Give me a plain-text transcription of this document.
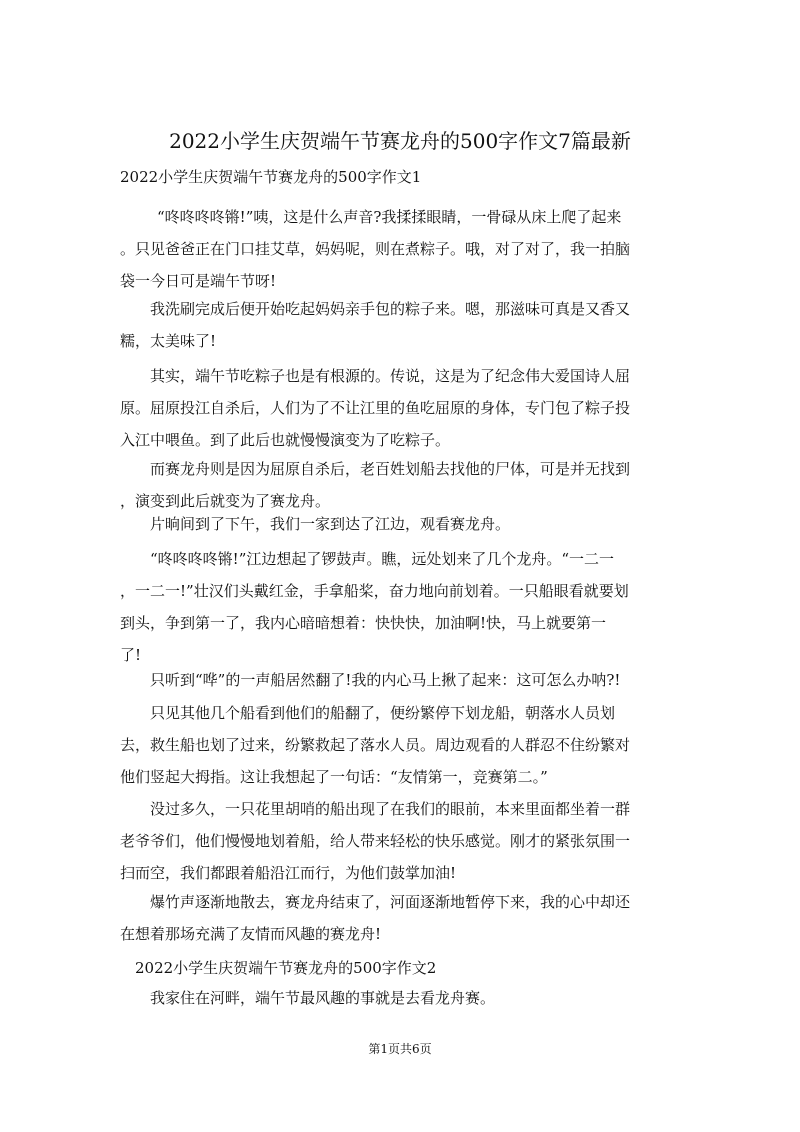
2022小学生庆贺端午节赛龙舟的500字作文7篇最新

2022小学生庆贺端午节赛龙舟的500字作文1

“咚咚咚咚锵!”咦，这是什么声音?我揉揉眼睛，一骨碌从床上爬了起来
。只见爸爸正在门口挂艾草，妈妈呢，则在煮粽子。哦，对了对了，我一拍脑
袋一今日可是端午节呀!
我洗刷完成后便开始吃起妈妈亲手包的粽子来。嗯，那滋味可真是又香又
糯，太美味了!
其实，端午节吃粽子也是有根源的。传说，这是为了纪念伟大爱国诗人屈
原。屈原投江自杀后，人们为了不让江里的鱼吃屈原的身体，专门包了粽子投
入江中喂鱼。到了此后也就慢慢演变为了吃粽子。
而赛龙舟则是因为屈原自杀后，老百姓划船去找他的尸体，可是并无找到
，演变到此后就变为了赛龙舟。
片晌间到了下午，我们一家到达了江边，观看赛龙舟。
“咚咚咚咚锵!”江边想起了锣鼓声。瞧，远处划来了几个龙舟。“一二一
，一二一!”壮汉们头戴红金，手拿船桨，奋力地向前划着。一只船眼看就要划
到头，争到第一了，我内心暗暗想着：快快快，加油啊!快，马上就要第一
了!
只听到“哗”的一声船居然翻了!我的内心马上揪了起来：这可怎么办呐?!
只见其他几个船看到他们的船翻了，便纷繁停下划龙船，朝落水人员划
去，救生船也划了过来，纷繁救起了落水人员。周边观看的人群忍不住纷繁对
他们竖起大拇指。这让我想起了一句话：“友情第一，竞赛第二。”
没过多久，一只花里胡哨的船出现了在我们的眼前，本来里面都坐着一群
老爷爷们，他们慢慢地划着船，给人带来轻松的快乐感觉。刚才的紧张氛围一
扫而空，我们都跟着船沿江而行，为他们鼓掌加油!
爆竹声逐渐地散去，赛龙舟结束了，河面逐渐地暂停下来，我的心中却还
在想着那场充满了友情而风趣的赛龙舟!

2022小学生庆贺端午节赛龙舟的500字作文2

我家住在河畔，端午节最风趣的事就是去看龙舟赛。
第1页共6页
